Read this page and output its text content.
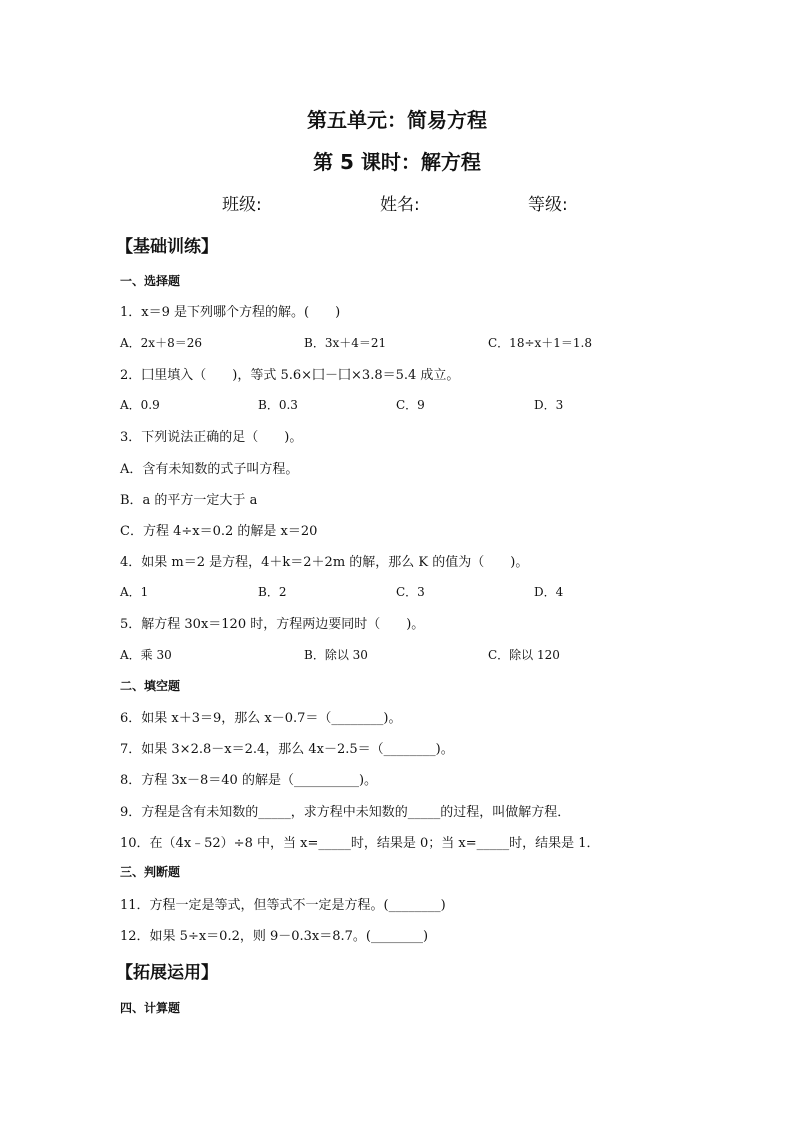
第五单元：简易方程
第 5 课时：解方程
班级:	姓名:	等级:
【基础训练】
一、选择题
1．x＝9 是下列哪个方程的解。(　　)
A．2x＋8＝26	B．3x＋4＝21	C．18÷x＋1＝1.8
2．囗里填入（　　)，等式 5.6×囗－囗×3.8＝5.4 成立。
A．0.9	B．0.3	C．9	D．3
3．下列说法正确的足（　　)。
A．含有未知数的式子叫方程。
B．a 的平方一定大于 a
C．方程 4÷x＝0.2 的解是 x＝20
4．如果 m＝2 是方程，4＋k＝2＋2m 的解，那么 K 的值为（　　)。
A．1	B．2	C．3	D．4
5．解方程 30x＝120 时，方程两边要同时（　　)。
A．乘 30	B．除以 30	C．除以 120
二、填空题
6．如果 x＋3＝9，那么 x－0.7＝（________)。
7．如果 3×2.8－x＝2.4，那么 4x－2.5＝（________)。
8．方程 3x－8＝40 的解是（__________)。
9．方程是含有未知数的_____，求方程中未知数的_____的过程，叫做解方程．
10．在（4x﹣52）÷8 中，当 x=_____时，结果是 0；当 x=_____时，结果是 1．
三、判断题
11．方程一定是等式，但等式不一定是方程。(________)
12．如果 5÷x＝0.2，则 9－0.3x＝8.7。(________)
【拓展运用】
四、计算题
